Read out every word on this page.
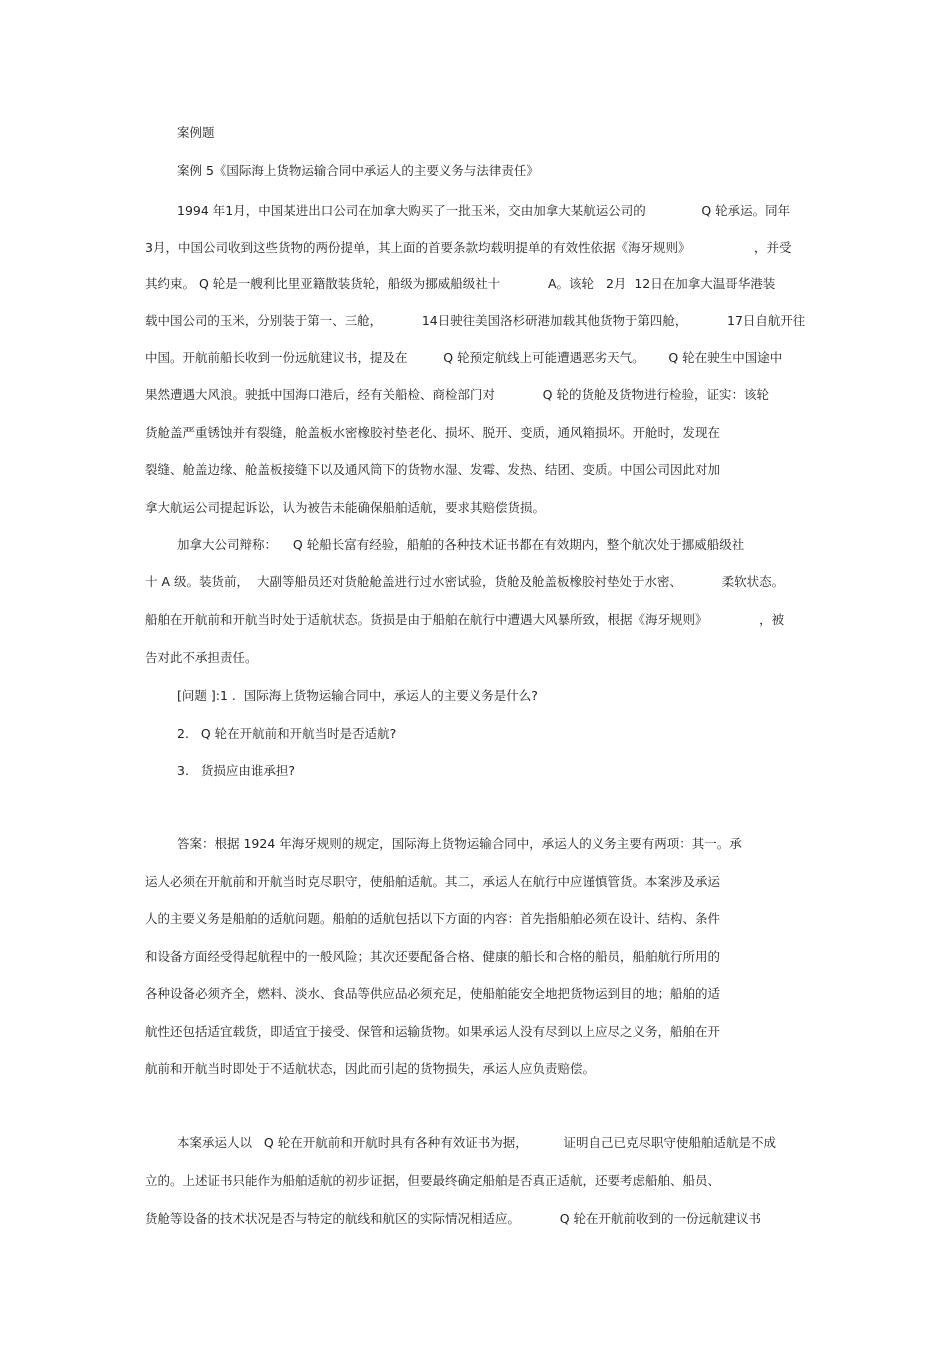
案例题
案例 5《国际海上货物运输合同中承运人的主要义务与法律责任》
1994 年1月，中国某进出口公司在加拿大购买了一批玉米，交由加拿大某航运公司的              Q 轮承运。同年
3月，中国公司收到这些货物的两份提单，其上面的首要条款均载明提单的有效性依据《海牙规则》                ，并受
其约束。 Q 轮是一艘利比里亚籍散装货轮，船级为挪威船级社十            A。该轮   2月  12日在加拿大温哥华港装
载中国公司的玉米，分别装于第一、三舱，          14日驶往美国洛杉研港加载其他货物于第四舱，          17日自航开往
中国。开航前船长收到一份远航建议书，提及在         Q 轮预定航线上可能遭遇恶劣天气。      Q 轮在驶生中国途中
果然遭遇大风浪。驶抵中国海口港后，经有关船检、商检部门对            Q 轮的货舱及货物进行检验，证实：该轮
货舱盖严重锈蚀并有裂缝，舱盖板水密橡胶衬垫老化、损坏、脱开、变质，通风箱损坏。开舱时，发现在
裂缝、舱盖边缘、舱盖板接缝下以及通风筒下的货物水湿、发霉、发热、结团、变质。中国公司因此对加
拿大航运公司提起诉讼，认为被告未能确保船舶适航，要求其赔偿货损。
加拿大公司辩称：    Q 轮船长富有经验，船舶的各种技术证书都在有效期内，整个航次处于挪威船级社
十 A 级。装货前，  大副等船员还对货舱舱盖进行过水密试验，货舱及舱盖板橡胶衬垫处于水密、          柔软状态。
船舶在开航前和开航当时处于适航状态。货损是由于船舶在航行中遭遇大风暴所致，根据《海牙规则》             ，被
告对此不承担责任。
[问题 ]:1 .  国际海上货物运输合同中，承运人的主要义务是什么?
2.   Q 轮在开航前和开航当时是否适航?
3.   货损应由谁承担?
答案：根据 1924 年海牙规则的规定，国际海上货物运输合同中，承运人的义务主要有两项：其一。承
运人必须在开航前和开航当时克尽职守，使船舶适航。其二，承运人在航行中应谨慎管货。本案涉及承运
人的主要义务是船舶的适航问题。船舶的适航包括以下方面的内容：首先指船舶必须在设计、结构、条件
和设备方面经受得起航程中的一般风险；其次还要配备合格、健康的船长和合格的船员，船舶航行所用的
各种设备必须齐全，燃料、淡水、食品等供应品必须充足，使船舶能安全地把货物运到目的地；船舶的适
航性还包括适宜载货，即适宜于接受、保管和运输货物。如果承运人没有尽到以上应尽之义务，船舶在开
航前和开航当时即处于不适航状态，因此而引起的货物损失，承运人应负责赔偿。
本案承运人以   Q 轮在开航前和开航时具有各种有效证书为据，         证明自己已克尽职守使船舶适航是不成
立的。上述证书只能作为船舶适航的初步证据，但要最终确定船舶是否真正适航，还要考虑船舶、船员、
货舱等设备的技术状况是否与特定的航线和航区的实际情况相适应。          Q 轮在开航前收到的一份远航建议书
